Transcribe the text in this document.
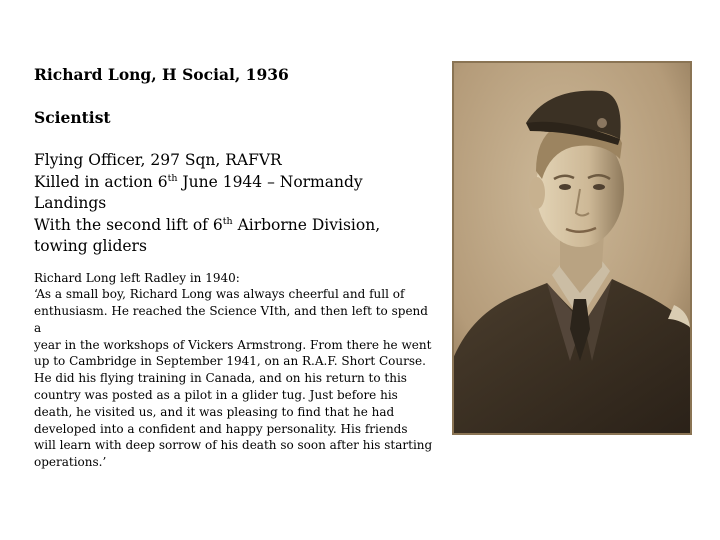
Richard Long, H Social, 1936

Scientist

Flying Officer, 297 Sqn, RAFVR

Killed in action 6th June 1944 – Normandy

Landings

With the second lift of 6th Airborne Division,

towing gliders

Richard Long left Radley in 1940:

‘As a small boy, Richard Long was always cheerful and full of

enthusiasm. He reached the Science VIth, and then left to spend a

year in the workshops of Vickers Armstrong. From there he went

up to Cambridge in September 1941, on an R.A.F. Short Course.

He did his flying training in Canada, and on his return to this

country was posted as a pilot in a glider tug. Just before his

death, he visited us, and it was pleasing to find that he had

developed into a confident and happy personality. His friends

will learn with deep sorrow of his death so soon after his starting

operations.’
